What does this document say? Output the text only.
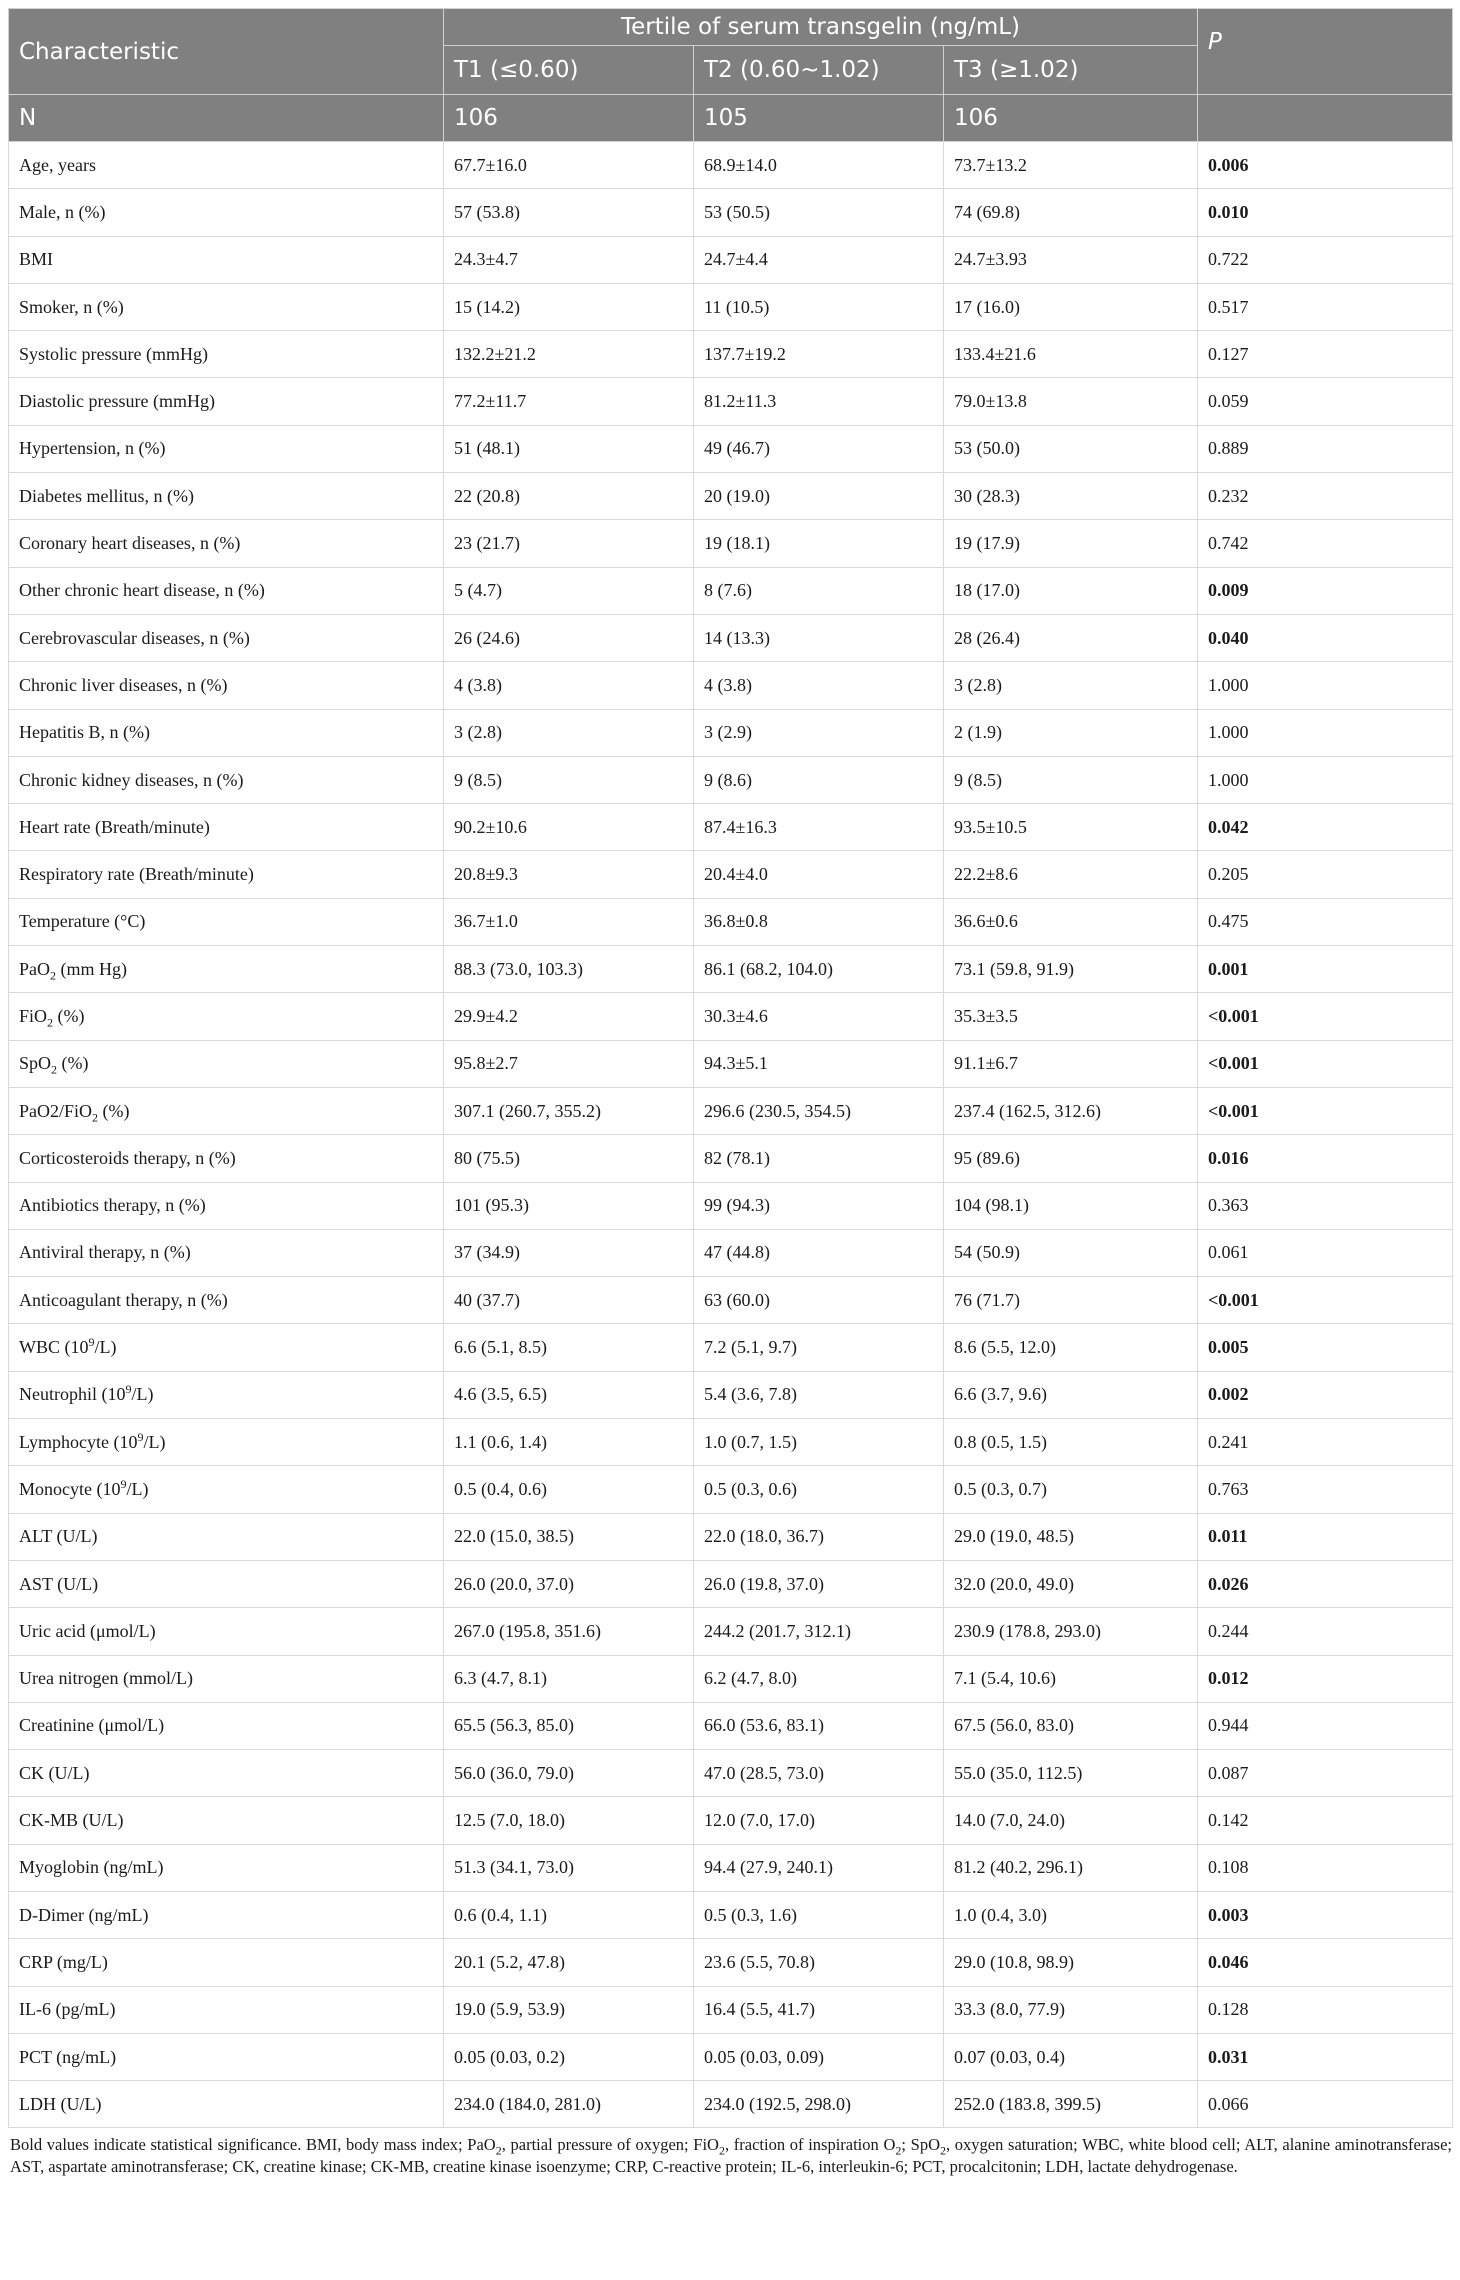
Characteristic	Tertile of serum transgelin (ng/mL)			P
	T1 (≤0.60)	T2 (0.60~1.02)	T3 (≥1.02)	
N	106	105	106	
Age, years	67.7±16.0	68.9±14.0	73.7±13.2	0.006
Male, n (%)	57 (53.8)	53 (50.5)	74 (69.8)	0.010
BMI	24.3±4.7	24.7±4.4	24.7±3.93	0.722
Smoker, n (%)	15 (14.2)	11 (10.5)	17 (16.0)	0.517
Systolic pressure (mmHg)	132.2±21.2	137.7±19.2	133.4±21.6	0.127
Diastolic pressure (mmHg)	77.2±11.7	81.2±11.3	79.0±13.8	0.059
Hypertension, n (%)	51 (48.1)	49 (46.7)	53 (50.0)	0.889
Diabetes mellitus, n (%)	22 (20.8)	20 (19.0)	30 (28.3)	0.232
Coronary heart diseases, n (%)	23 (21.7)	19 (18.1)	19 (17.9)	0.742
Other chronic heart disease, n (%)	5 (4.7)	8 (7.6)	18 (17.0)	0.009
Cerebrovascular diseases, n (%)	26 (24.6)	14 (13.3)	28 (26.4)	0.040
Chronic liver diseases, n (%)	4 (3.8)	4 (3.8)	3 (2.8)	1.000
Hepatitis B, n (%)	3 (2.8)	3 (2.9)	2 (1.9)	1.000
Chronic kidney diseases, n (%)	9 (8.5)	9 (8.6)	9 (8.5)	1.000
Heart rate (Breath/minute)	90.2±10.6	87.4±16.3	93.5±10.5	0.042
Respiratory rate (Breath/minute)	20.8±9.3	20.4±4.0	22.2±8.6	0.205
Temperature (°C)	36.7±1.0	36.8±0.8	36.6±0.6	0.475
PaO$_2$ (mm Hg)	88.3 (73.0, 103.3)	86.1 (68.2, 104.0)	73.1 (59.8, 91.9)	0.001
FiO$_2$ (%)	29.9±4.2	30.3±4.6	35.3±3.5	<0.001
SpO$_2$ (%)	95.8±2.7	94.3±5.1	91.1±6.7	<0.001
PaO2/FiO$_2$ (%)	307.1 (260.7, 355.2)	296.6 (230.5, 354.5)	237.4 (162.5, 312.6)	<0.001
Corticosteroids therapy, n (%)	80 (75.5)	82 (78.1)	95 (89.6)	0.016
Antibiotics therapy, n (%)	101 (95.3)	99 (94.3)	104 (98.1)	0.363
Antiviral therapy, n (%)	37 (34.9)	47 (44.8)	54 (50.9)	0.061
Anticoagulant therapy, n (%)	40 (37.7)	63 (60.0)	76 (71.7)	<0.001
WBC $(10^9/L)$	6.6 (5.1, 8.5)	7.2 (5.1, 9.7)	8.6 (5.5, 12.0)	0.005
Neutrophil $(10^9/L)$	4.6 (3.5, 6.5)	5.4 (3.6, 7.8)	6.6 (3.7, 9.6)	0.002
Lymphocyte $(10^9/L)$	1.1 (0.6, 1.4)	1.0 (0.7, 1.5)	0.8 (0.5, 1.5)	0.241
Monocyte $(10^9/L)$	0.5 (0.4, 0.6)	0.5 (0.3, 0.6)	0.5 (0.3, 0.7)	0.763
ALT (U/L)	22.0 (15.0, 38.5)	22.0 (18.0, 36.7)	29.0 (19.0, 48.5)	0.011
AST (U/L)	26.0 (20.0, 37.0)	26.0 (19.8, 37.0)	32.0 (20.0, 49.0)	0.026
Uric acid (μmol/L)	267.0 (195.8, 351.6)	244.2 (201.7, 312.1)	230.9 (178.8, 293.0)	0.244
Urea nitrogen (mmol/L)	6.3 (4.7, 8.1)	6.2 (4.7, 8.0)	7.1 (5.4, 10.6)	0.012
Creatinine (μmol/L)	65.5 (56.3, 85.0)	66.0 (53.6, 83.1)	67.5 (56.0, 83.0)	0.944
CK (U/L)	56.0 (36.0, 79.0)	47.0 (28.5, 73.0)	55.0 (35.0, 112.5)	0.087
CK-MB (U/L)	12.5 (7.0, 18.0)	12.0 (7.0, 17.0)	14.0 (7.0, 24.0)	0.142
Myoglobin (ng/mL)	51.3 (34.1, 73.0)	94.4 (27.9, 240.1)	81.2 (40.2, 296.1)	0.108
D-Dimer (ng/mL)	0.6 (0.4, 1.1)	0.5 (0.3, 1.6)	1.0 (0.4, 3.0)	0.003
CRP (mg/L)	20.1 (5.2, 47.8)	23.6 (5.5, 70.8)	29.0 (10.8, 98.9)	0.046
IL-6 (pg/mL)	19.0 (5.9, 53.9)	16.4 (5.5, 41.7)	33.3 (8.0, 77.9)	0.128
PCT (ng/mL)	0.05 (0.03, 0.2)	0.05 (0.03, 0.09)	0.07 (0.03, 0.4)	0.031
LDH (U/L)	234.0 (184.0, 281.0)	234.0 (192.5, 298.0)	252.0 (183.8, 399.5)	0.066
Bold values indicate statistical significance. BMI, body mass index; PaO$_2$, partial pressure of oxygen; FiO$_2$, fraction of inspiration $O_2$; SpO$_2$, oxygen saturation; WBC, white blood cell; ALT, alanine aminotransferase; AST, aspartate aminotransferase; CK, creatine kinase; CK-MB, creatine kinase isoenzyme; CRP, C-reactive protein; IL-6, interleukin-6; PCT, procalcitonin; LDH, lactate dehydrogenase.
